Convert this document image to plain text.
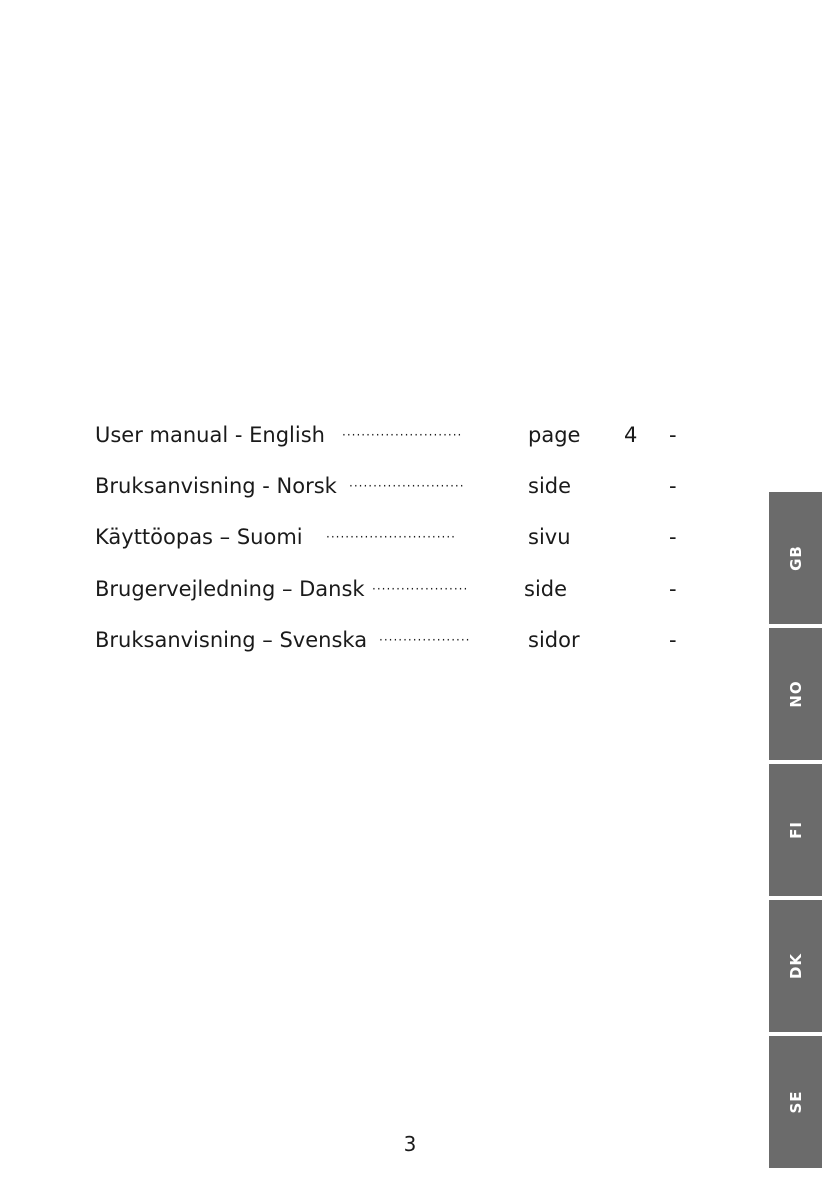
User manual - English ·························	page 4 -
Bruksanvisning - Norsk ························	side	-
Käyttöopas – Suomi ···························	sivu	-
Brugervejledning – Dansk ····················	side	-
Bruksanvisning – Svenska ···················	sidor	-
GB
NO
FI
DK
SE
3
